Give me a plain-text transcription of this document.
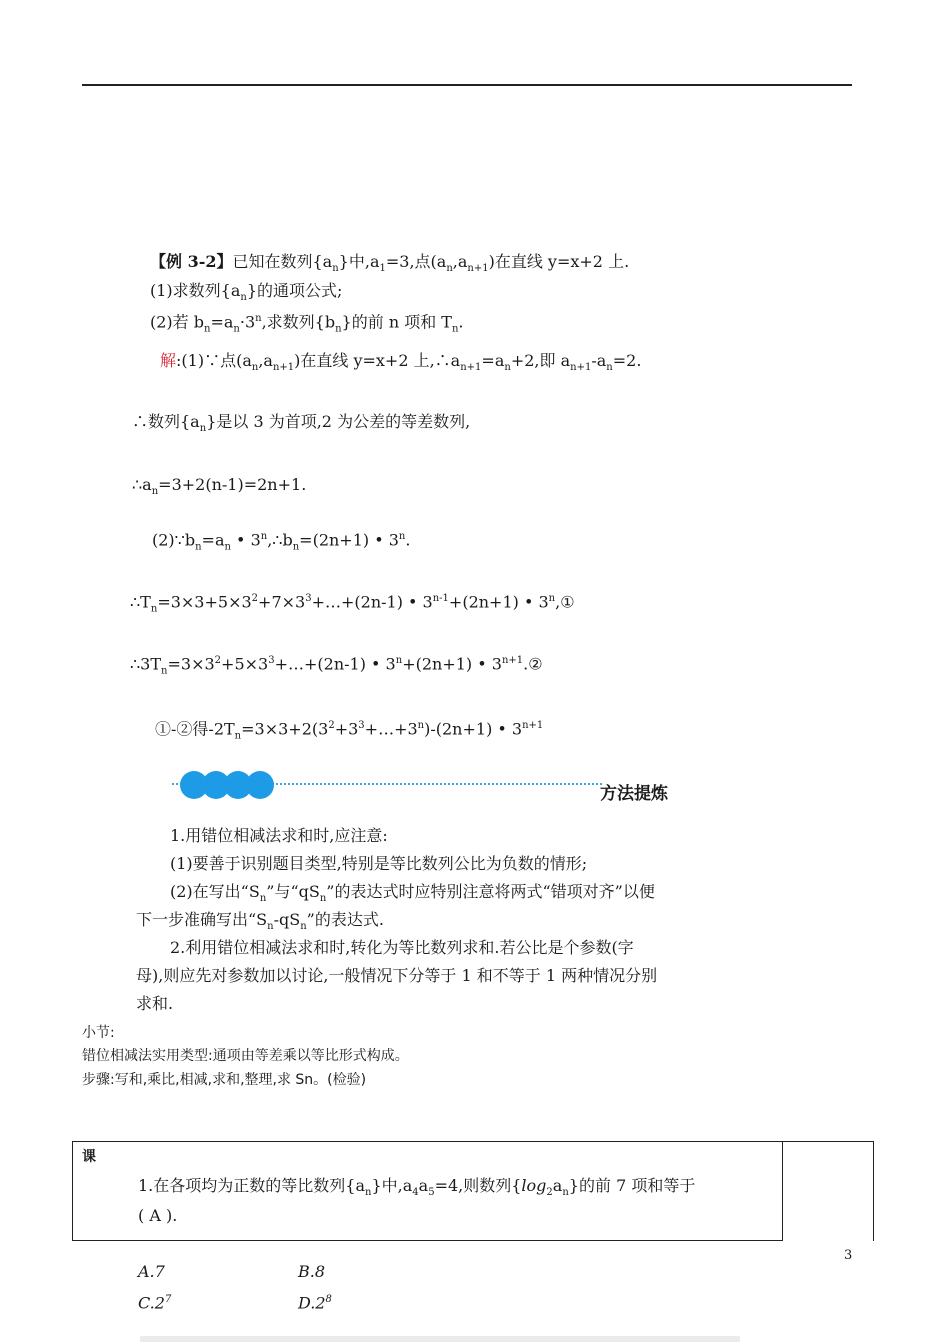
【例 3-2】已知在数列$\{a_n\}$中$,a_1=3$,点$(a_n,a_{n+1})$在直线 y=x+2 上.
(1)求数列$\{a_n\}$的通项公式;
(2)若 $b_n=a_n\cdot 3^n$,求数列$\{b_n\}$的前 n 项和 $T_n$.
解:(1)∵点$(a_n,a_{n+1})$在直线 y=x+2 上$,\therefore a_{n+1}=a_n+2$,即 $a_{n+1}-a_n=2$.
∴数列$\{a_n\}$是以 3 为首项,2 为公差的等差数列,
$\therefore a_n=3+2(n-1)=2n+1$.
$(2)\because b_n=a_n$ • $3^n,\therefore b_n=(2n+1)$ • 3$^n$.
$\therefore T_n=3\times 3+5\times 3^2+7\times 3^3+\dots+(2n-1)$ • $3^{n-1}+(2n+1)$ • 3$^n$,①
$\therefore 3T_n=3\times 3^2+5\times 3^3+\dots+(2n-1)$ • $3^n+(2n+1)$ • $3^{n+1}.②$
①-②得$-2T_n=3\times 3+2(3^2+3^3+\dots+3^n)-(2n+1)$ • $3^{n+1}$
方法提炼
1.用错位相减法求和时,应注意:
(1)要善于识别题目类型,特别是等比数列公比为负数的情形;
(2)在写出“$S_n$”与“$qS_n$”的表达式时应特别注意将两式“错项对齐”以便
下一步准确写出“$S_n-qS_n$”的表达式.
2.利用错位相减法求和时,转化为等比数列求和.若公比是个参数(字
母),则应先对参数加以讨论,一般情况下分等于 1 和不等于 1 两种情况分别
求和.
小节:
错位相减法实用类型:通项由等差乘以等比形式构成。
步骤:写和,乘比,相减,求和,整理,求 Sn。(检验)
课
1.在各项均为正数的等比数列$\{a_n\}$中$,a_4a_5=4$,则数列$\{\log_2a_n\}$的前 7 项和等于
( A ).
A.7	B.8
$C.2^7$	$D.2^8$
3
